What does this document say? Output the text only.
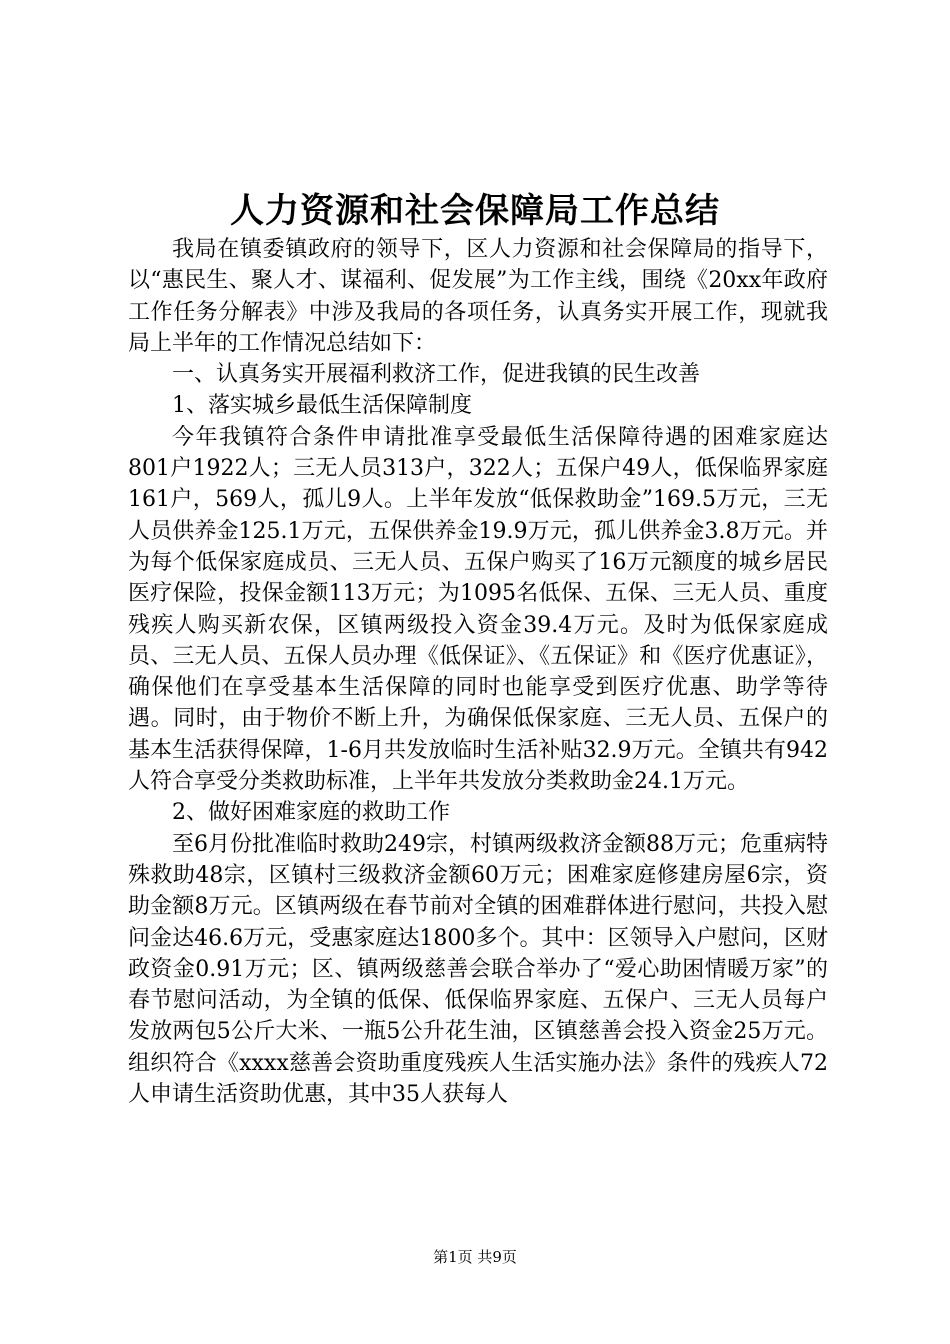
人力资源和社会保障局工作总结

我局在镇委镇政府的领导下，区人力资源和社会保障局的指导下，以“惠民生、聚人才、谋福利、促发展”为工作主线，围绕《20xx年政府工作任务分解表》中涉及我局的各项任务，认真务实开展工作，现就我局上半年的工作情况总结如下：

一、认真务实开展福利救济工作，促进我镇的民生改善

1、落实城乡最低生活保障制度

今年我镇符合条件申请批准享受最低生活保障待遇的困难家庭达801户1922人；三无人员313户，322人；五保户49人，低保临界家庭161户，569人，孤儿9人。上半年发放“低保救助金”169.5万元，三无人员供养金125.1万元，五保供养金19.9万元，孤儿供养金3.8万元。并为每个低保家庭成员、三无人员、五保户购买了16万元额度的城乡居民医疗保险，投保金额113万元；为1095名低保、五保、三无人员、重度残疾人购买新农保，区镇两级投入资金39.4万元。及时为低保家庭成员、三无人员、五保人员办理《低保证》、《五保证》和《医疗优惠证》，确保他们在享受基本生活保障的同时也能享受到医疗优惠、助学等待遇。同时，由于物价不断上升，为确保低保家庭、三无人员、五保户的基本生活获得保障，1-6月共发放临时生活补贴32.9万元。全镇共有942人符合享受分类救助标准，上半年共发放分类救助金24.1万元。

2、做好困难家庭的救助工作

至6月份批准临时救助249宗，村镇两级救济金额88万元；危重病特殊救助48宗，区镇村三级救济金额60万元；困难家庭修建房屋6宗，资助金额8万元。区镇两级在春节前对全镇的困难群体进行慰问，共投入慰问金达46.6万元，受惠家庭达1800多个。其中：区领导入户慰问，区财政资金0.91万元；区、镇两级慈善会联合举办了“爱心助困情暖万家”的春节慰问活动，为全镇的低保、低保临界家庭、五保户、三无人员每户发放两包5公斤大米、一瓶5公升花生油，区镇慈善会投入资金25万元。组织符合《xxxx慈善会资助重度残疾人生活实施办法》条件的残疾人72人申请生活资助优惠，其中35人获每人

第1页 共9页
